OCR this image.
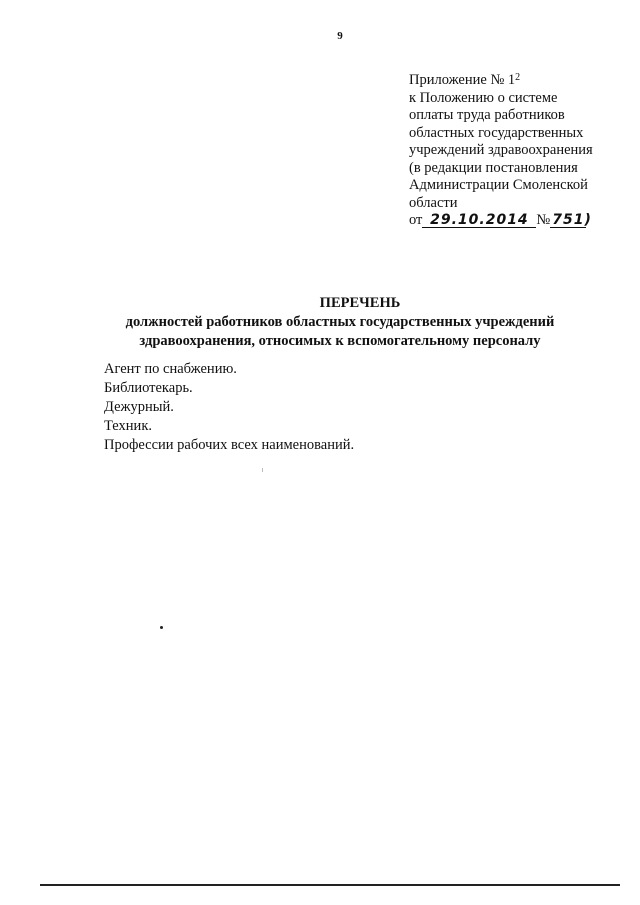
9
Приложение № $1^2$
к Положению о системе
оплаты труда работников
областных государственных
учреждений здравоохранения
(в редакции постановления
Администрации Смоленской
области
от 29.10.2014 № 751)
ПЕРЕЧЕНЬ
должностей работников областных государственных учреждений
здравоохранения, относимых к вспомогательному персоналу
Агент по снабжению.
Библиотекарь.
Дежурный.
Техник.
Профессии рабочих всех наименований.
